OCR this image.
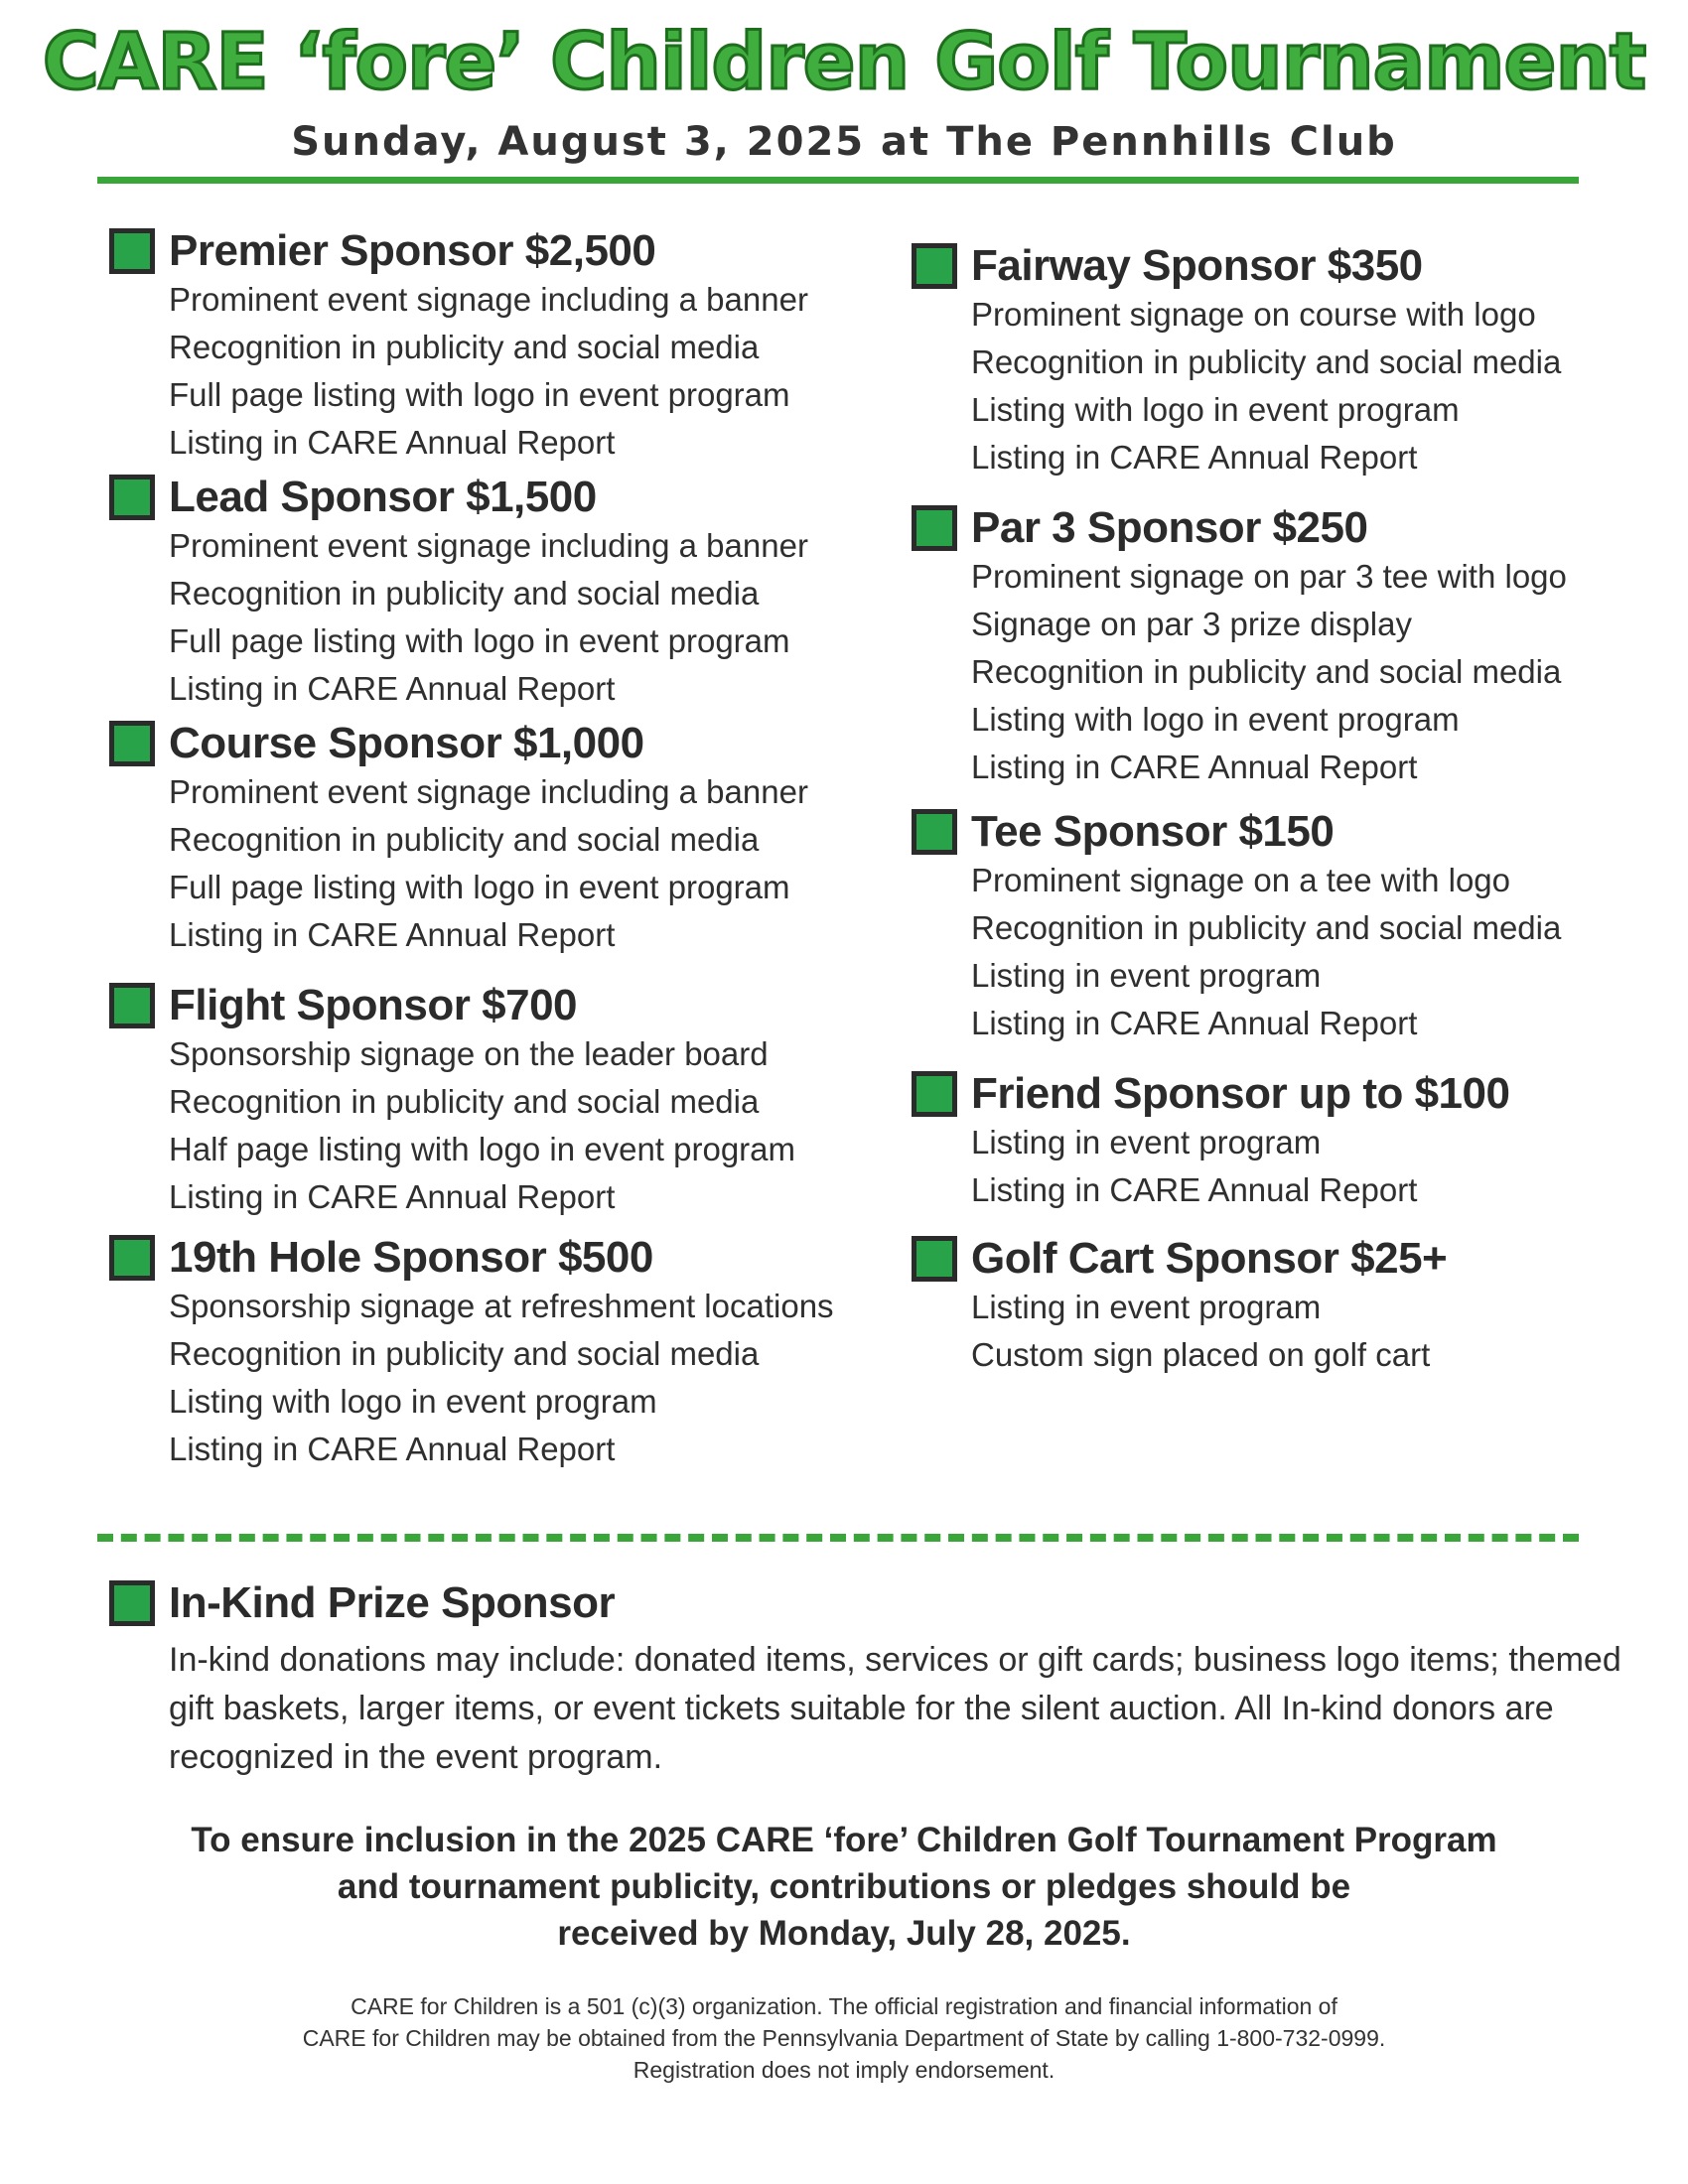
CARE ‘fore’ Children Golf Tournament
Sunday, August 3, 2025 at The Pennhills Club
Premier Sponsor $2,500
Prominent event signage including a banner
Recognition in publicity and social media
Full page listing with logo in event program
Listing in CARE Annual Report
Lead Sponsor $1,500
Prominent event signage including a banner
Recognition in publicity and social media
Full page listing with logo in event program
Listing in CARE Annual Report
Course Sponsor $1,000
Prominent event signage including a banner
Recognition in publicity and social media
Full page listing with logo in event program
Listing in CARE Annual Report
Flight Sponsor $700
Sponsorship signage on the leader board
Recognition in publicity and social media
Half page listing with logo in event program
Listing in CARE Annual Report
19th Hole Sponsor $500
Sponsorship signage at refreshment locations
Recognition in publicity and social media
Listing with logo in event program
Listing in CARE Annual Report
Fairway Sponsor $350
Prominent signage on course with logo
Recognition in publicity and social media
Listing with logo in event program
Listing in CARE Annual Report
Par 3 Sponsor $250
Prominent signage on par 3 tee with logo
Signage on par 3 prize display
Recognition in publicity and social media
Listing with logo in event program
Listing in CARE Annual Report
Tee Sponsor $150
Prominent signage on a tee with logo
Recognition in publicity and social media
Listing in event program
Listing in CARE Annual Report
Friend Sponsor up to $100
Listing in event program
Listing in CARE Annual Report
Golf Cart Sponsor $25+
Listing in event program
Custom sign placed on golf cart
In-Kind Prize Sponsor
In-kind donations may include: donated items, services or gift cards; business logo items; themed gift baskets, larger items, or event tickets suitable for the silent auction. All In-kind donors are recognized in the event program.
To ensure inclusion in the 2025 CARE ‘fore’ Children Golf Tournament Program
and tournament publicity, contributions or pledges should be
received by Monday, July 28, 2025.
CARE for Children is a 501 (c)(3) organization. The official registration and financial information of
CARE for Children may be obtained from the Pennsylvania Department of State by calling 1-800-732-0999.
Registration does not imply endorsement.
